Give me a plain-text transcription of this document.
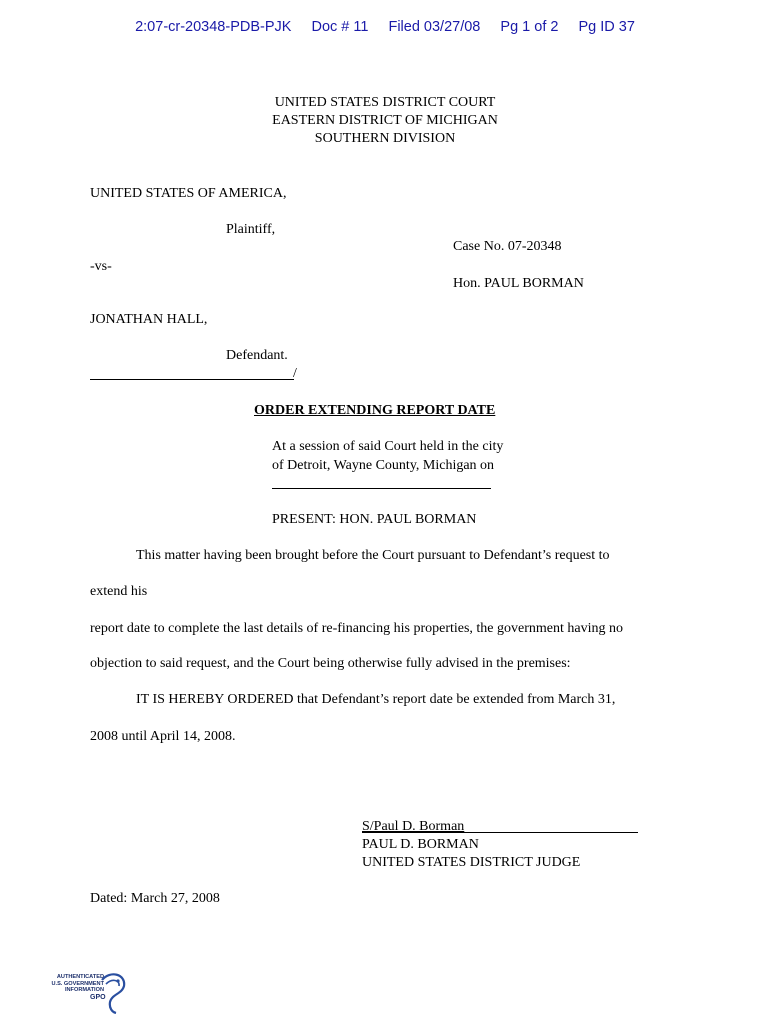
2:07-cr-20348-PDB-PJK Doc # 11 Filed 03/27/08 Pg 1 of 2 Pg ID 37
UNITED STATES DISTRICT COURT
EASTERN DISTRICT OF MICHIGAN
SOUTHERN DIVISION
UNITED STATES OF AMERICA,
Plaintiff,
Case No. 07-20348
-vs-
Hon. PAUL BORMAN
JONATHAN HALL,
Defendant.
/
ORDER EXTENDING REPORT DATE
At a session of said Court held in the city
of Detroit, Wayne County, Michigan on
PRESENT: HON. PAUL BORMAN
This matter having been brought before the Court pursuant to Defendant’s request to
extend his
report date to complete the last details of re-financing his properties, the government having no
objection to said request, and the Court being otherwise fully advised in the premises:
IT IS HEREBY ORDERED that Defendant’s report date be extended from March 31,
2008 until April 14, 2008.
S/Paul D. Borman
PAUL D. BORMAN
UNITED STATES DISTRICT JUDGE
Dated: March 27, 2008
AUTHENTICATED
U.S. GOVERNMENT
INFORMATION
GPO
